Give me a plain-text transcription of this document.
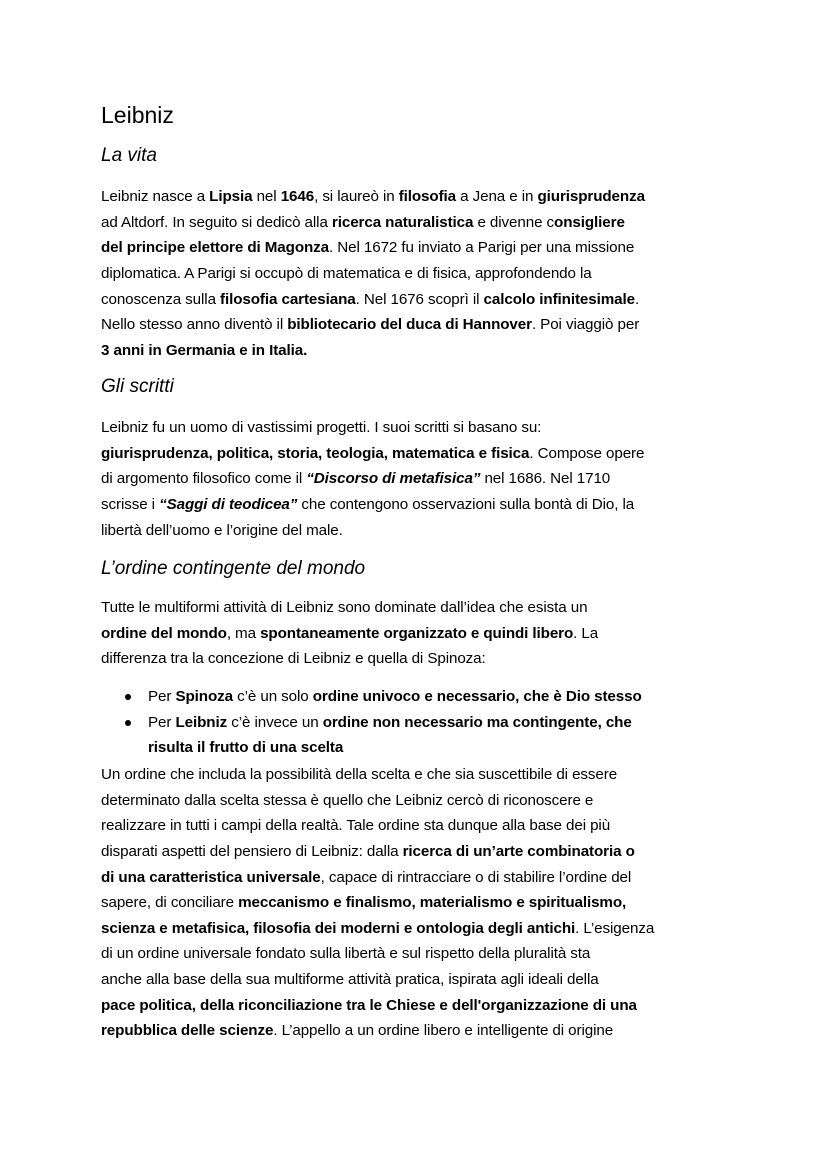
Leibniz
La vita
Leibniz nasce a Lipsia nel 1646, si laureò in filosofia a Jena e in giurisprudenza
ad Altdorf. In seguito si dedicò alla ricerca naturalistica e divenne consigliere
del principe elettore di Magonza. Nel 1672 fu inviato a Parigi per una missione
diplomatica. A Parigi si occupò di matematica e di fisica, approfondendo la
conoscenza sulla filosofia cartesiana. Nel 1676 scoprì il calcolo infinitesimale.
Nello stesso anno diventò il bibliotecario del duca di Hannover. Poi viaggiò per
3 anni in Germania e in Italia.
Gli scritti
Leibniz fu un uomo di vastissimi progetti. I suoi scritti si basano su:
giurisprudenza, politica, storia, teologia, matematica e fisica. Compose opere
di argomento filosofico come il “Discorso di metafisica” nel 1686. Nel 1710
scrisse i “Saggi di teodicea” che contengono osservazioni sulla bontà di Dio, la
libertà dell’uomo e l’origine del male.
L’ordine contingente del mondo
Tutte le multiformi attività di Leibniz sono dominate dall’idea che esista un
ordine del mondo, ma spontaneamente organizzato e quindi libero. La
differenza tra la concezione di Leibniz e quella di Spinoza:
Per Spinoza c’è un solo ordine univoco e necessario, che è Dio stesso
Per Leibniz c’è invece un ordine non necessario ma contingente, che
risulta il frutto di una scelta
Un ordine che includa la possibilità della scelta e che sia suscettibile di essere
determinato dalla scelta stessa è quello che Leibniz cercò di riconoscere e
realizzare in tutti i campi della realtà. Tale ordine sta dunque alla base dei più
disparati aspetti del pensiero di Leibniz: dalla ricerca di un’arte combinatoria o
di una caratteristica universale, capace di rintracciare o di stabilire l’ordine del
sapere, di conciliare meccanismo e finalismo, materialismo e spiritualismo,
scienza e metafisica, filosofia dei moderni e ontologia degli antichi. L’esigenza
di un ordine universale fondato sulla libertà e sul rispetto della pluralità sta
anche alla base della sua multiforme attività pratica, ispirata agli ideali della
pace politica, della riconciliazione tra le Chiese e dell'organizzazione di una
repubblica delle scienze. L’appello a un ordine libero e intelligente di origine
